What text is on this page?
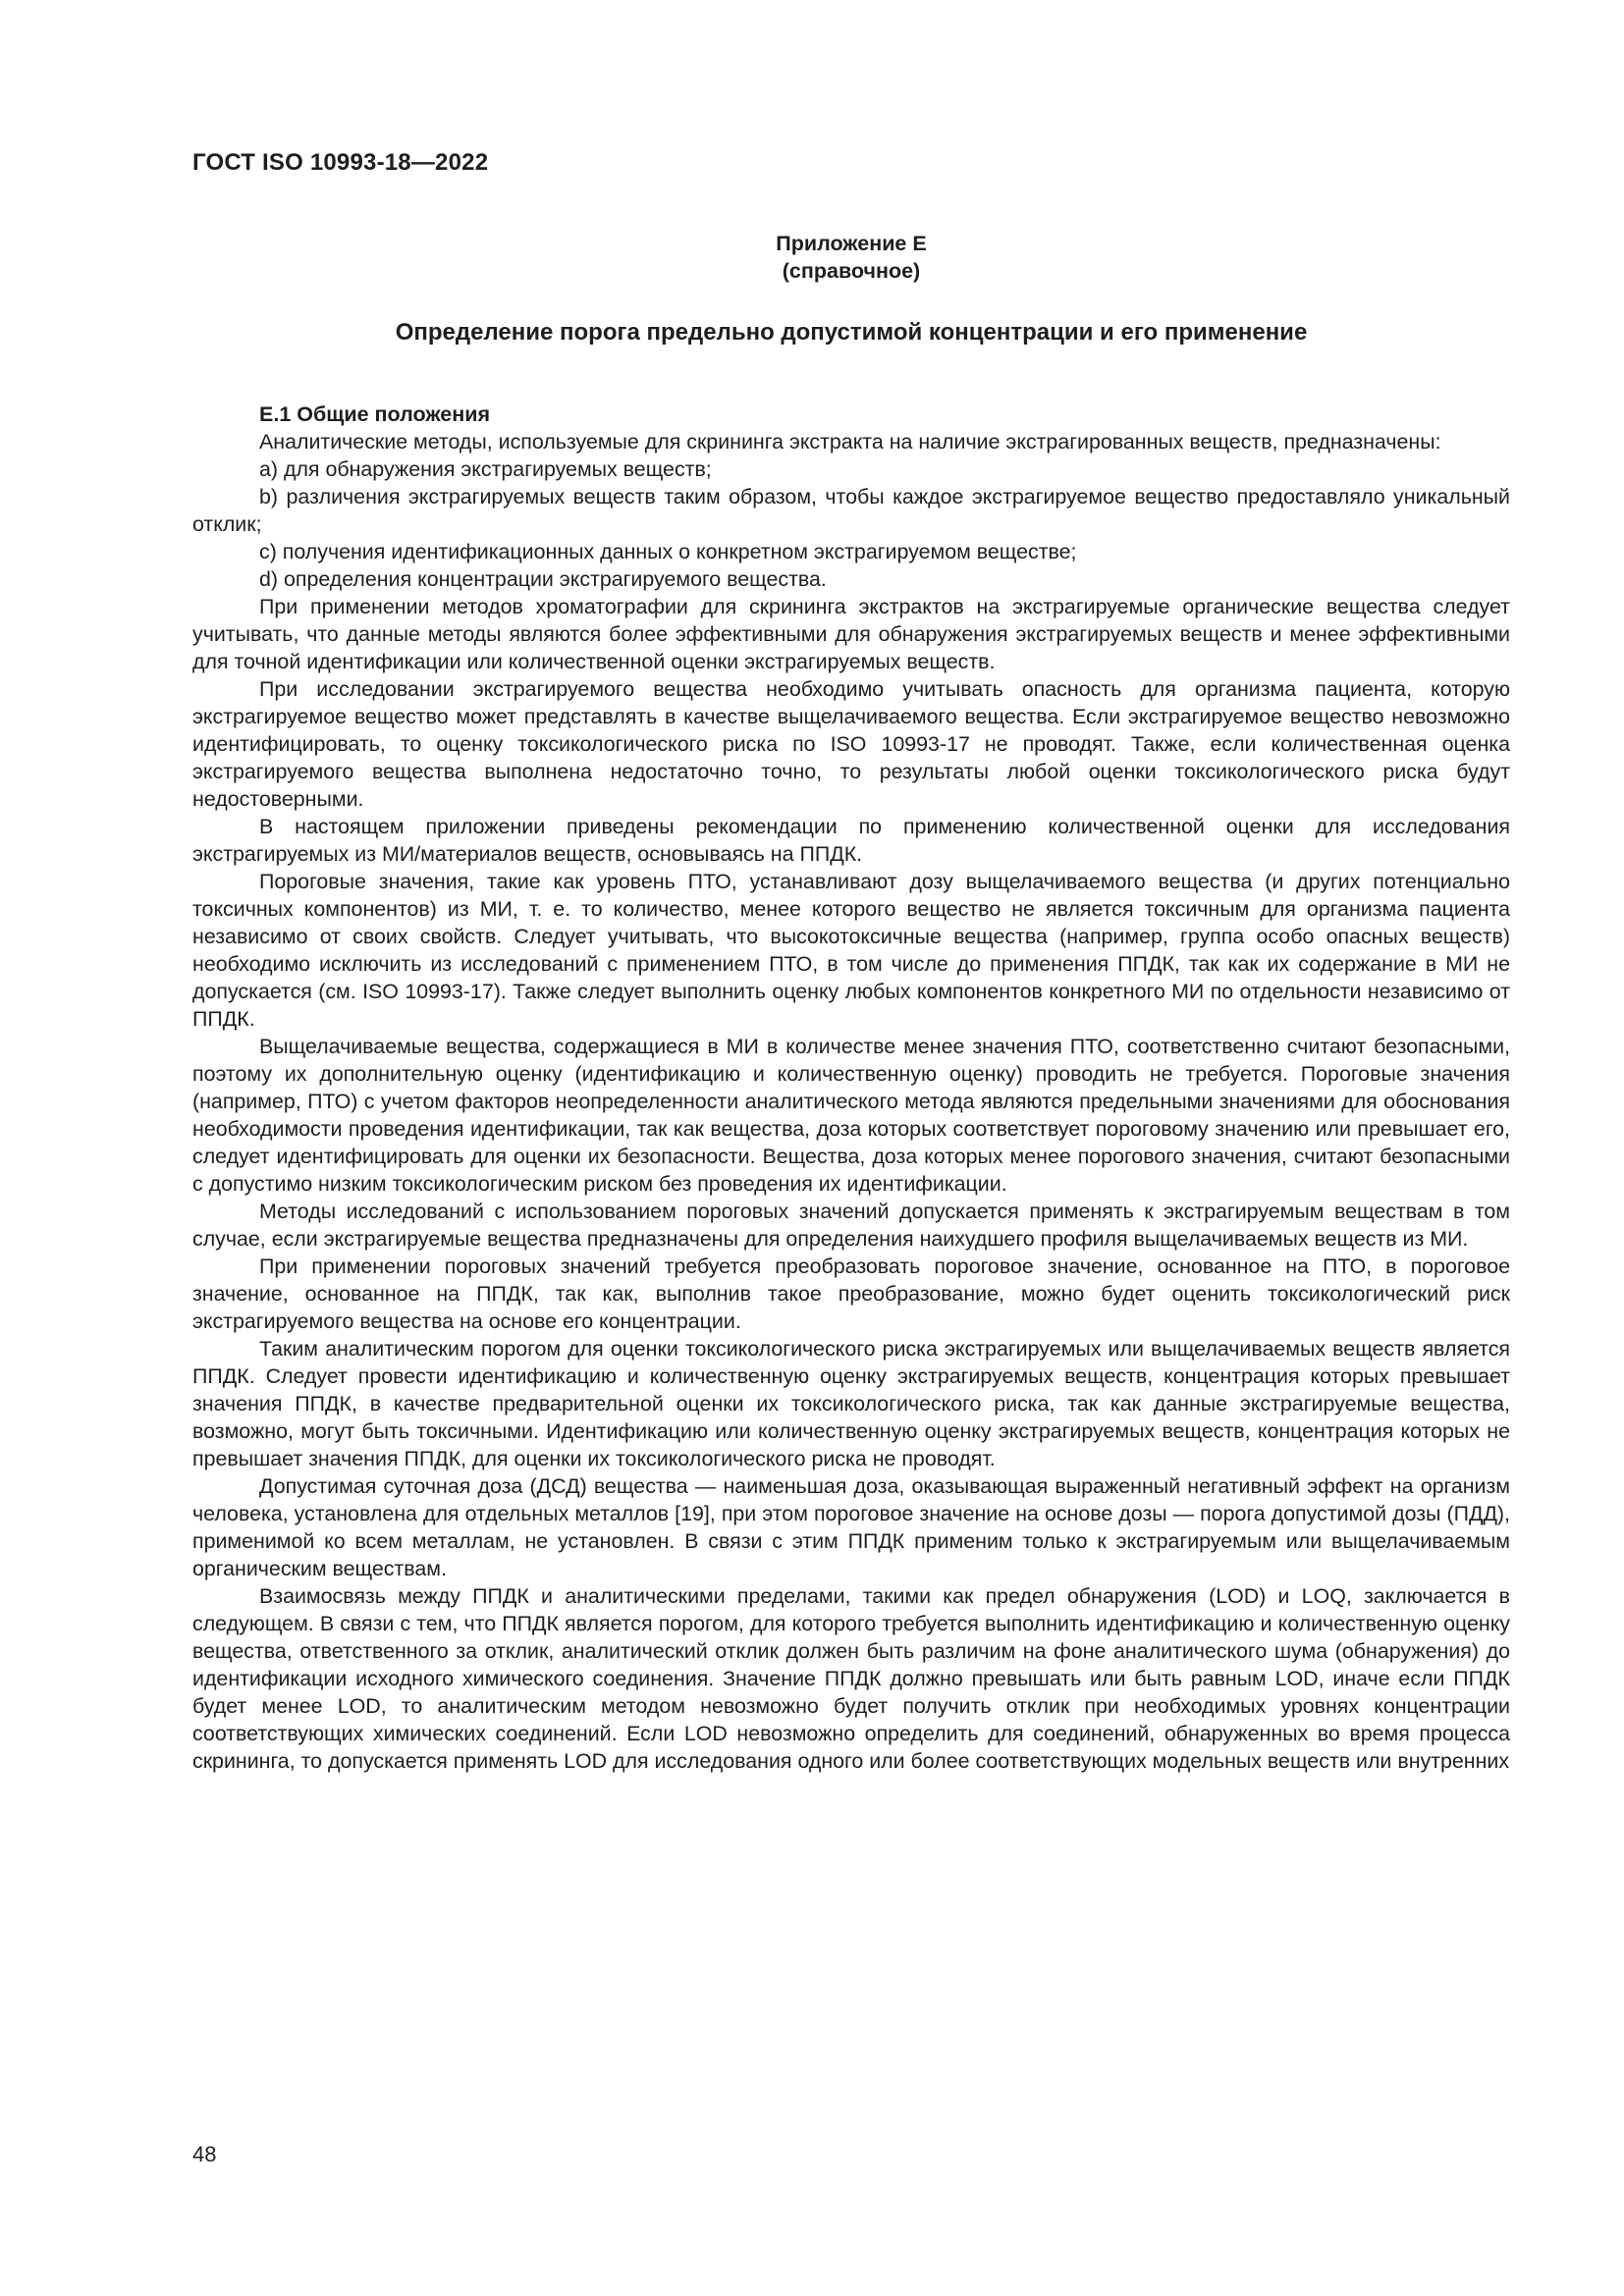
ГОСТ ISO 10993-18—2022
Приложение Е
(справочное)
Определение порога предельно допустимой концентрации и его применение
Е.1 Общие положения

Аналитические методы, используемые для скрининга экстракта на наличие экстрагированных веществ, предназначены:

a) для обнаружения экстрагируемых веществ;

b) различения экстрагируемых веществ таким образом, чтобы каждое экстрагируемое вещество предоставляло уникальный отклик;

c) получения идентификационных данных о конкретном экстрагируемом веществе;

d) определения концентрации экстрагируемого вещества.

При применении методов хроматографии для скрининга экстрактов на экстрагируемые органические вещества следует учитывать, что данные методы являются более эффективными для обнаружения экстрагируемых веществ и менее эффективными для точной идентификации или количественной оценки экстрагируемых веществ.

При исследовании экстрагируемого вещества необходимо учитывать опасность для организма пациента, которую экстрагируемое вещество может представлять в качестве выщелачиваемого вещества. Если экстрагируемое вещество невозможно идентифицировать, то оценку токсикологического риска по ISO 10993-17 не проводят. Также, если количественная оценка экстрагируемого вещества выполнена недостаточно точно, то результаты любой оценки токсикологического риска будут недостоверными.

В настоящем приложении приведены рекомендации по применению количественной оценки для исследования экстрагируемых из МИ/материалов веществ, основываясь на ППДК.

Пороговые значения, такие как уровень ПТО, устанавливают дозу выщелачиваемого вещества (и других потенциально токсичных компонентов) из МИ, т. е. то количество, менее которого вещество не является токсичным для организма пациента независимо от своих свойств. Следует учитывать, что высокотоксичные вещества (например, группа особо опасных веществ) необходимо исключить из исследований с применением ПТО, в том числе до применения ППДК, так как их содержание в МИ не допускается (см. ISO 10993-17). Также следует выполнить оценку любых компонентов конкретного МИ по отдельности независимо от ППДК.

Выщелачиваемые вещества, содержащиеся в МИ в количестве менее значения ПТО, соответственно считают безопасными, поэтому их дополнительную оценку (идентификацию и количественную оценку) проводить не требуется. Пороговые значения (например, ПТО) с учетом факторов неопределенности аналитического метода являются предельными значениями для обоснования необходимости проведения идентификации, так как вещества, доза которых соответствует пороговому значению или превышает его, следует идентифицировать для оценки их безопасности. Вещества, доза которых менее порогового значения, считают безопасными с допустимо низким токсикологическим риском без проведения их идентификации.

Методы исследований с использованием пороговых значений допускается применять к экстрагируемым веществам в том случае, если экстрагируемые вещества предназначены для определения наихудшего профиля выщелачиваемых веществ из МИ.

При применении пороговых значений требуется преобразовать пороговое значение, основанное на ПТО, в пороговое значение, основанное на ППДК, так как, выполнив такое преобразование, можно будет оценить токсикологический риск экстрагируемого вещества на основе его концентрации.

Таким аналитическим порогом для оценки токсикологического риска экстрагируемых или выщелачиваемых веществ является ППДК. Следует провести идентификацию и количественную оценку экстрагируемых веществ, концентрация которых превышает значения ППДК, в качестве предварительной оценки их токсикологического риска, так как данные экстрагируемые вещества, возможно, могут быть токсичными. Идентификацию или количественную оценку экстрагируемых веществ, концентрация которых не превышает значения ППДК, для оценки их токсикологического риска не проводят.

Допустимая суточная доза (ДСД) вещества — наименьшая доза, оказывающая выраженный негативный эффект на организм человека, установлена для отдельных металлов [19], при этом пороговое значение на основе дозы — порога допустимой дозы (ПДД), применимой ко всем металлам, не установлен. В связи с этим ППДК применим только к экстрагируемым или выщелачиваемым органическим веществам.

Взаимосвязь между ППДК и аналитическими пределами, такими как предел обнаружения (LOD) и LOQ, заключается в следующем. В связи с тем, что ППДК является порогом, для которого требуется выполнить идентификацию и количественную оценку вещества, ответственного за отклик, аналитический отклик должен быть различим на фоне аналитического шума (обнаружения) до идентификации исходного химического соединения. Значение ППДК должно превышать или быть равным LOD, иначе если ППДК будет менее LOD, то аналитическим методом невозможно будет получить отклик при необходимых уровнях концентрации соответствующих химических соединений. Если LOD невозможно определить для соединений, обнаруженных во время процесса скрининга, то допускается применять LOD для исследования одного или более соответствующих модельных веществ или внутренних

48
